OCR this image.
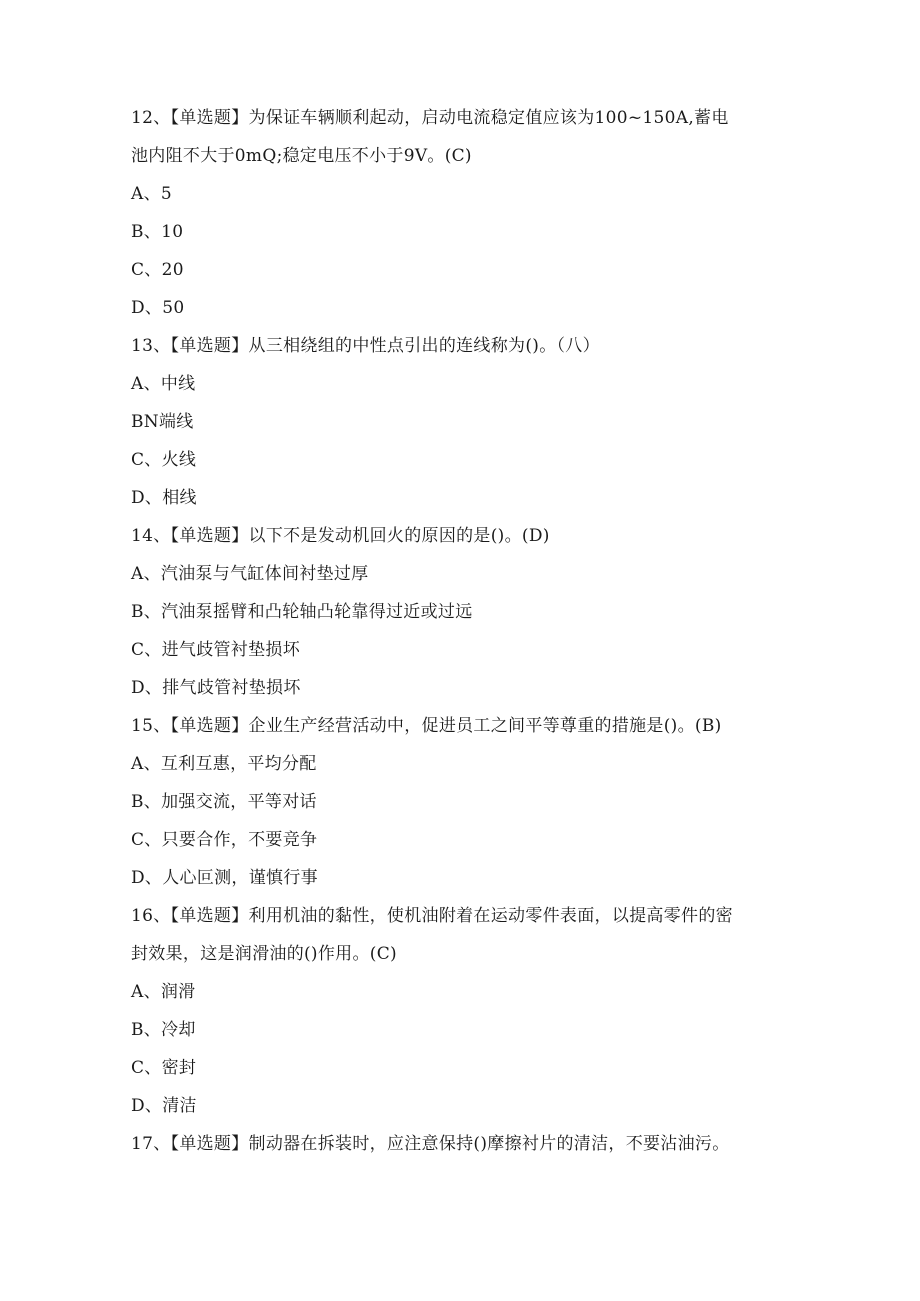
12、【单选题】为保证车辆顺利起动，启动电流稳定值应该为100~150A,蓄电
池内阻不大于0mQ;稳定电压不小于9V。(C)
A、5
B、10
C、20
D、50
13、【单选题】从三相绕组的中性点引出的连线称为()。（八）
A、中线
BN端线
C、火线
D、相线
14、【单选题】以下不是发动机回火的原因的是()。(D)
A、汽油泵与气缸体间衬垫过厚
B、汽油泵摇臂和凸轮轴凸轮靠得过近或过远
C、进气歧管衬垫损坏
D、排气歧管衬垫损坏
15、【单选题】企业生产经营活动中，促进员工之间平等尊重的措施是()。(B)
A、互利互惠，平均分配
B、加强交流，平等对话
C、只要合作，不要竞争
D、人心叵测，谨慎行事
16、【单选题】利用机油的黏性，使机油附着在运动零件表面，以提高零件的密
封效果，这是润滑油的()作用。(C)
A、润滑
B、冷却
C、密封
D、清洁
17、【单选题】制动器在拆装时，应注意保持()摩擦衬片的清洁，不要沾油污。
